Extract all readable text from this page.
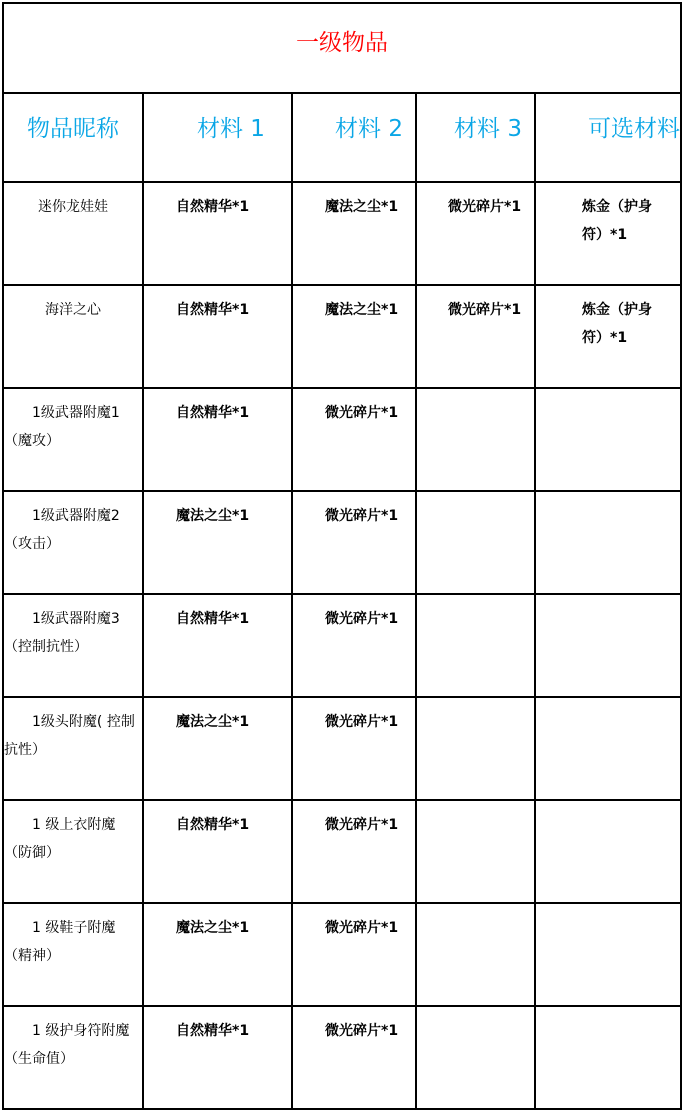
一级物品				

物品昵称	材料 1	材料 2	材料 3	可选材料

迷你龙娃娃	自然精华*1	魔法之尘*1	微光碎片*1	炼金（护身符）*1

海洋之心	自然精华*1	魔法之尘*1	微光碎片*1	炼金（护身符）*1

1级武器附魔1（魔攻）	自然精华*1	微光碎片*1		

1级武器附魔2（攻击）	魔法之尘*1	微光碎片*1		

1级武器附魔3（控制抗性）	自然精华*1	微光碎片*1		

1级头附魔( 控制抗性）	魔法之尘*1	微光碎片*1		

1 级上衣附魔（防御）	自然精华*1	微光碎片*1		

1 级鞋子附魔（精神）	魔法之尘*1	微光碎片*1		

1 级护身符附魔（生命值）	自然精华*1	微光碎片*1		
